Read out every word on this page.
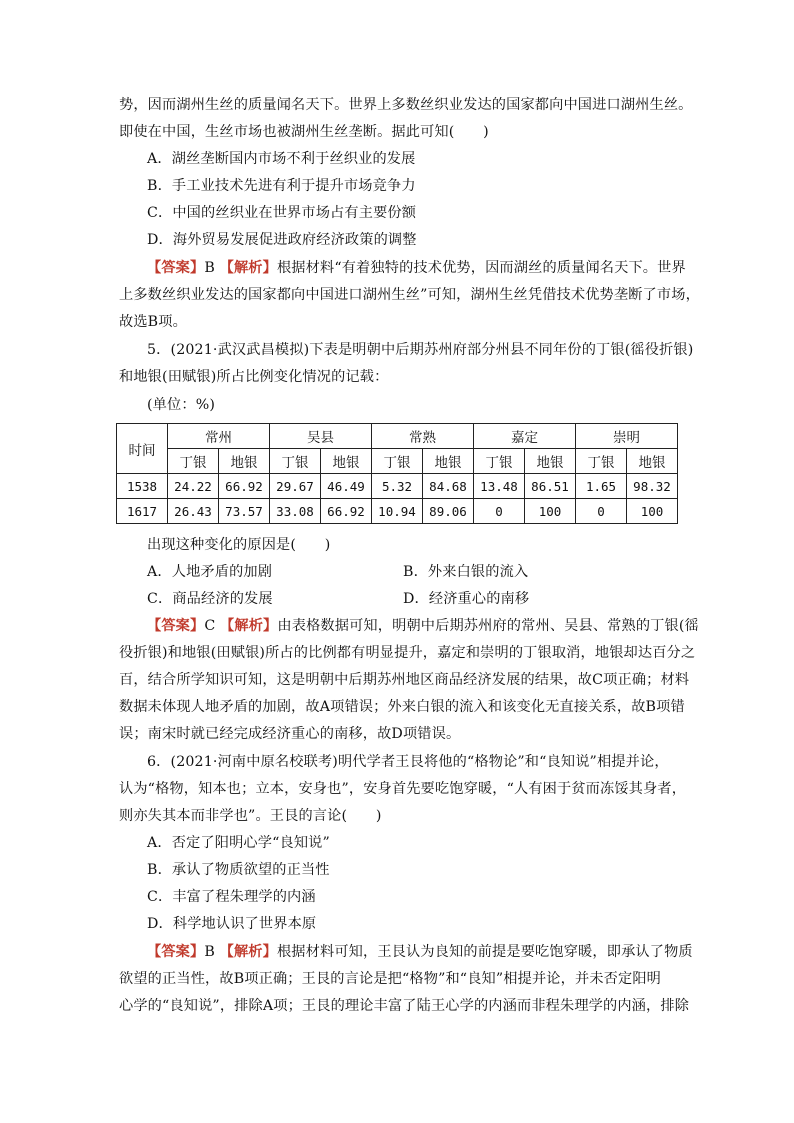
势，因而湖州生丝的质量闻名天下。世界上多数丝织业发达的国家都向中国进口湖州生丝。
即使在中国，生丝市场也被湖州生丝垄断。据此可知(　　)
A．湖丝垄断国内市场不利于丝织业的发展
B．手工业技术先进有利于提升市场竞争力
C．中国的丝织业在世界市场占有主要份额
D．海外贸易发展促进政府经济政策的调整
【答案】B 【解析】根据材料“有着独特的技术优势，因而湖丝的质量闻名天下。世界
上多数丝织业发达的国家都向中国进口湖州生丝”可知，湖州生丝凭借技术优势垄断了市场，
故选B项。
5．(2021·武汉武昌模拟)下表是明朝中后期苏州府部分州县不同年份的丁银(徭役折银)
和地银(田赋银)所占比例变化情况的记载：
(单位：%)
时间	常州		吴县		常熟		嘉定		崇明	
	丁银	地银	丁银	地银	丁银	地银	丁银	地银	丁银	地银
1538	24.22	66.92	29.67	46.49	5.32	84.68	13.48	86.51	1.65	98.32
1617	26.43	73.57	33.08	66.92	10.94	89.06	0	100	0	100
出现这种变化的原因是(　　)
A．人地矛盾的加剧	B．外来白银的流入
C．商品经济的发展	D．经济重心的南移
【答案】C 【解析】由表格数据可知，明朝中后期苏州府的常州、吴县、常熟的丁银(徭
役折银)和地银(田赋银)所占的比例都有明显提升，嘉定和崇明的丁银取消，地银却达百分之
百，结合所学知识可知，这是明朝中后期苏州地区商品经济发展的结果，故C项正确；材料
数据未体现人地矛盾的加剧，故A项错误；外来白银的流入和该变化无直接关系，故B项错
误；南宋时就已经完成经济重心的南移，故D项错误。
6．(2021·河南中原名校联考)明代学者王艮将他的“格物论”和“良知说”相提并论，
认为“格物，知本也；立本，安身也”，安身首先要吃饱穿暖，“人有困于贫而冻馁其身者，
则亦失其本而非学也”。王艮的言论(　　)
A．否定了阳明心学“良知说”
B．承认了物质欲望的正当性
C．丰富了程朱理学的内涵
D．科学地认识了世界本原
【答案】B 【解析】根据材料可知，王艮认为良知的前提是要吃饱穿暖，即承认了物质
欲望的正当性，故B项正确；王艮的言论是把“格物”和“良知”相提并论，并未否定阳明
心学的“良知说”，排除A项；王艮的理论丰富了陆王心学的内涵而非程朱理学的内涵，排除
